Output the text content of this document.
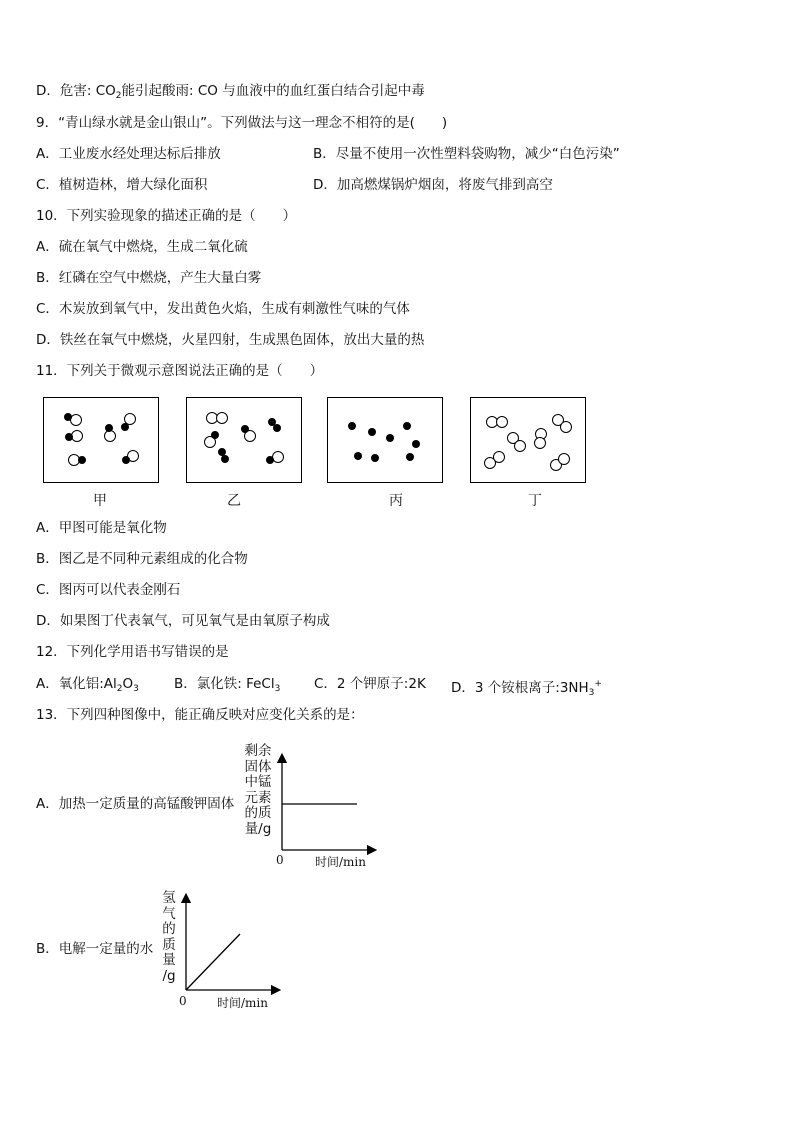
D．危害: $CO_2$能引起酸雨: CO 与血液中的血红蛋白结合引起中毒
9．“青山绿水就是金山银山”。下列做法与这一理念不相符的是(　　)
A．工业废水经处理达标后排放	B．尽量不使用一次性塑料袋购物，减少“白色污染”
C．植树造林，增大绿化面积	D．加高燃煤锅炉烟囱，将废气排到高空
10．下列实验现象的描述正确的是（　　）
A．硫在氧气中燃烧，生成二氧化硫
B．红磷在空气中燃烧，产生大量白雾
C．木炭放到氧气中，发出黄色火焰，生成有刺激性气味的气体
D．铁丝在氧气中燃烧，火星四射，生成黑色固体，放出大量的热
11．下列关于微观示意图说法正确的是（　　）
甲	乙	丙	丁
A．甲图可能是氧化物
B．图乙是不同种元素组成的化合物
C．图丙可以代表金刚石
D．如果图丁代表氧气，可见氧气是由氧原子构成
12．下列化学用语书写错误的是
A．氧化铝$:Al_2O_3$	B．氯化铁: FeCl$_3$ C．2 个钾原子:2K D．3 个铵根离子$:3NH_3^+$
13．下列四种图像中，能正确反映对应变化关系的是：
A．加热一定质量的高锰酸钾固体
剩余
固体
中锰
元素
的质
量/g
0	时间/min
B．电解一定量的水
氢
气
的
质
量
/g
0	时间/min
